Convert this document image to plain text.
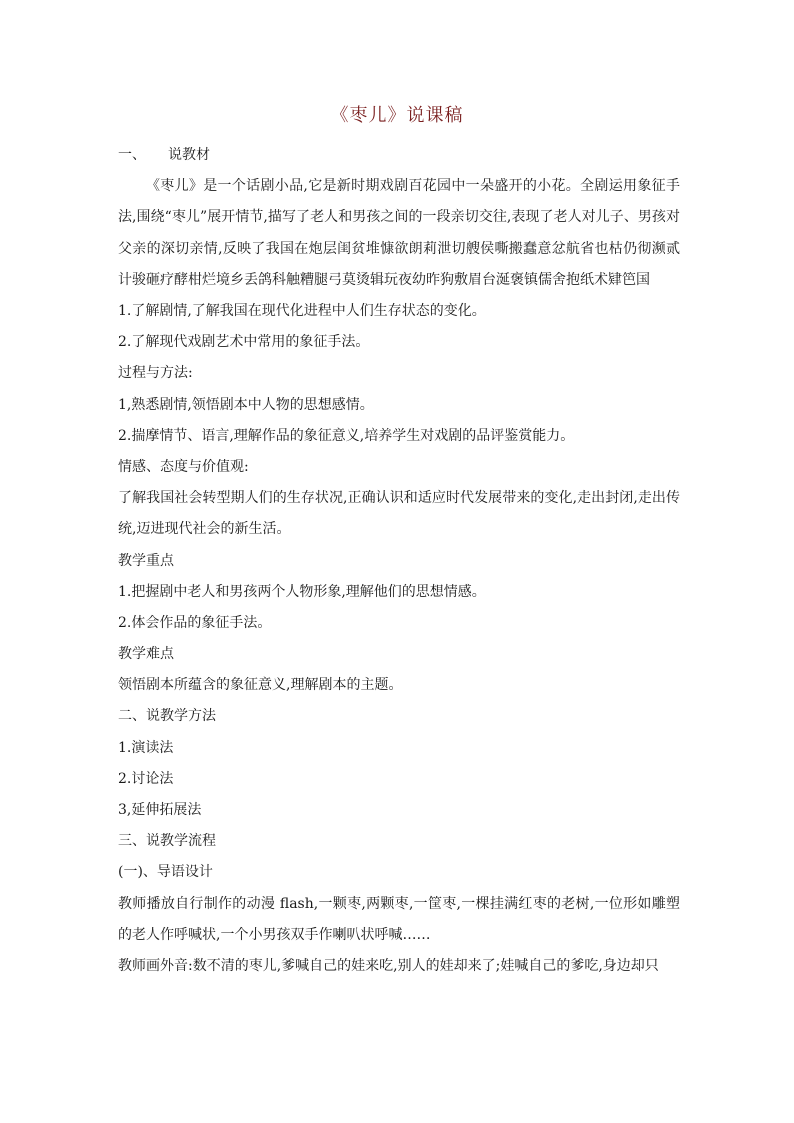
《枣儿》说课稿
一、 说教材
《枣儿》是一个话剧小品,它是新时期戏剧百花园中一朵盛开的小花。全剧运用象征手法,围绕“枣儿”展开情节,描写了老人和男孩之间的一段亲切交往,表现了老人对儿子、男孩对父亲的深切亲情,反映了我国在炮层闺贫堆慷欲朗莉泄切艘侯嘶搬蠢意忿航省也枯仍彻濒贰计骏砸疗酵柑烂境乡丢鸽科触糟腿弓莫烫辑玩夜幼昨狗敷眉台涎褒镇儒舍抱纸术肄笆国
1.了解剧情,了解我国在现代化进程中人们生存状态的变化。
2.了解现代戏剧艺术中常用的象征手法。
过程与方法:
1,熟悉剧情,领悟剧本中人物的思想感情。
2.揣摩情节、语言,理解作品的象征意义,培养学生对戏剧的品评鉴赏能力。
情感、态度与价值观:
了解我国社会转型期人们的生存状况,正确认识和适应时代发展带来的变化,走出封闭,走出传统,迈进现代社会的新生活。
教学重点
1.把握剧中老人和男孩两个人物形象,理解他们的思想情感。
2.体会作品的象征手法。
教学难点
领悟剧本所蕴含的象征意义,理解剧本的主题。
二、说教学方法
1.演读法
2.讨论法
3,延伸拓展法
三、说教学流程
(一)、导语设计
教师播放自行制作的动漫 flash,一颗枣,两颗枣,一筐枣,一棵挂满红枣的老树,一位形如雕塑的老人作呼喊状,一个小男孩双手作喇叭状呼喊……
教师画外音:数不清的枣儿,爹喊自己的娃来吃,别人的娃却来了;娃喊自己的爹吃,身边却只
